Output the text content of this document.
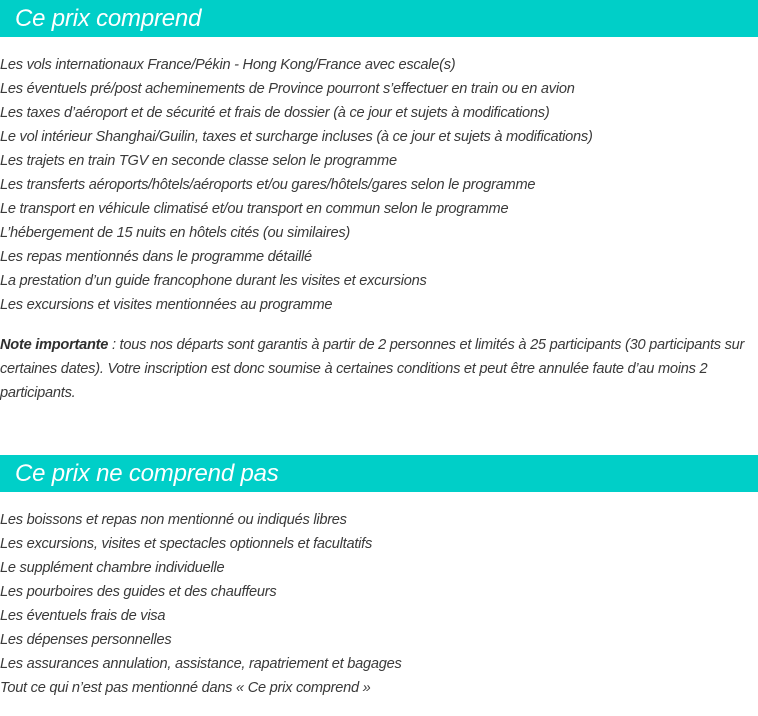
Ce prix comprend
Les vols internationaux France/Pékin - Hong Kong/France avec escale(s)
Les éventuels pré/post acheminements de Province pourront s’effectuer en train ou en avion
Les taxes d’aéroport et de sécurité et frais de dossier (à ce jour et sujets à modifications)
Le vol intérieur Shanghai/Guilin, taxes et surcharge incluses (à ce jour et sujets à modifications)
Les trajets en train TGV en seconde classe selon le programme
Les transferts aéroports/hôtels/aéroports et/ou gares/hôtels/gares selon le programme
Le transport en véhicule climatisé et/ou transport en commun selon le programme
L’hébergement de 15 nuits en hôtels cités (ou similaires)
Les repas mentionnés dans le programme détaillé
La prestation d’un guide francophone durant les visites et excursions
Les excursions et visites mentionnées au programme

Note importante : tous nos départs sont garantis à partir de 2 personnes et limités à 25 participants (30 participants sur certaines dates). Votre inscription est donc soumise à certaines conditions et peut être annulée faute d’au moins 2 participants.

Ce prix ne comprend pas
Les boissons et repas non mentionné ou indiqués libres
Les excursions, visites et spectacles optionnels et facultatifs
Le supplément chambre individuelle
Les pourboires des guides et des chauffeurs
Les éventuels frais de visa
Les dépenses personnelles
Les assurances annulation, assistance, rapatriement et bagages
Tout ce qui n’est pas mentionné dans « Ce prix comprend »
